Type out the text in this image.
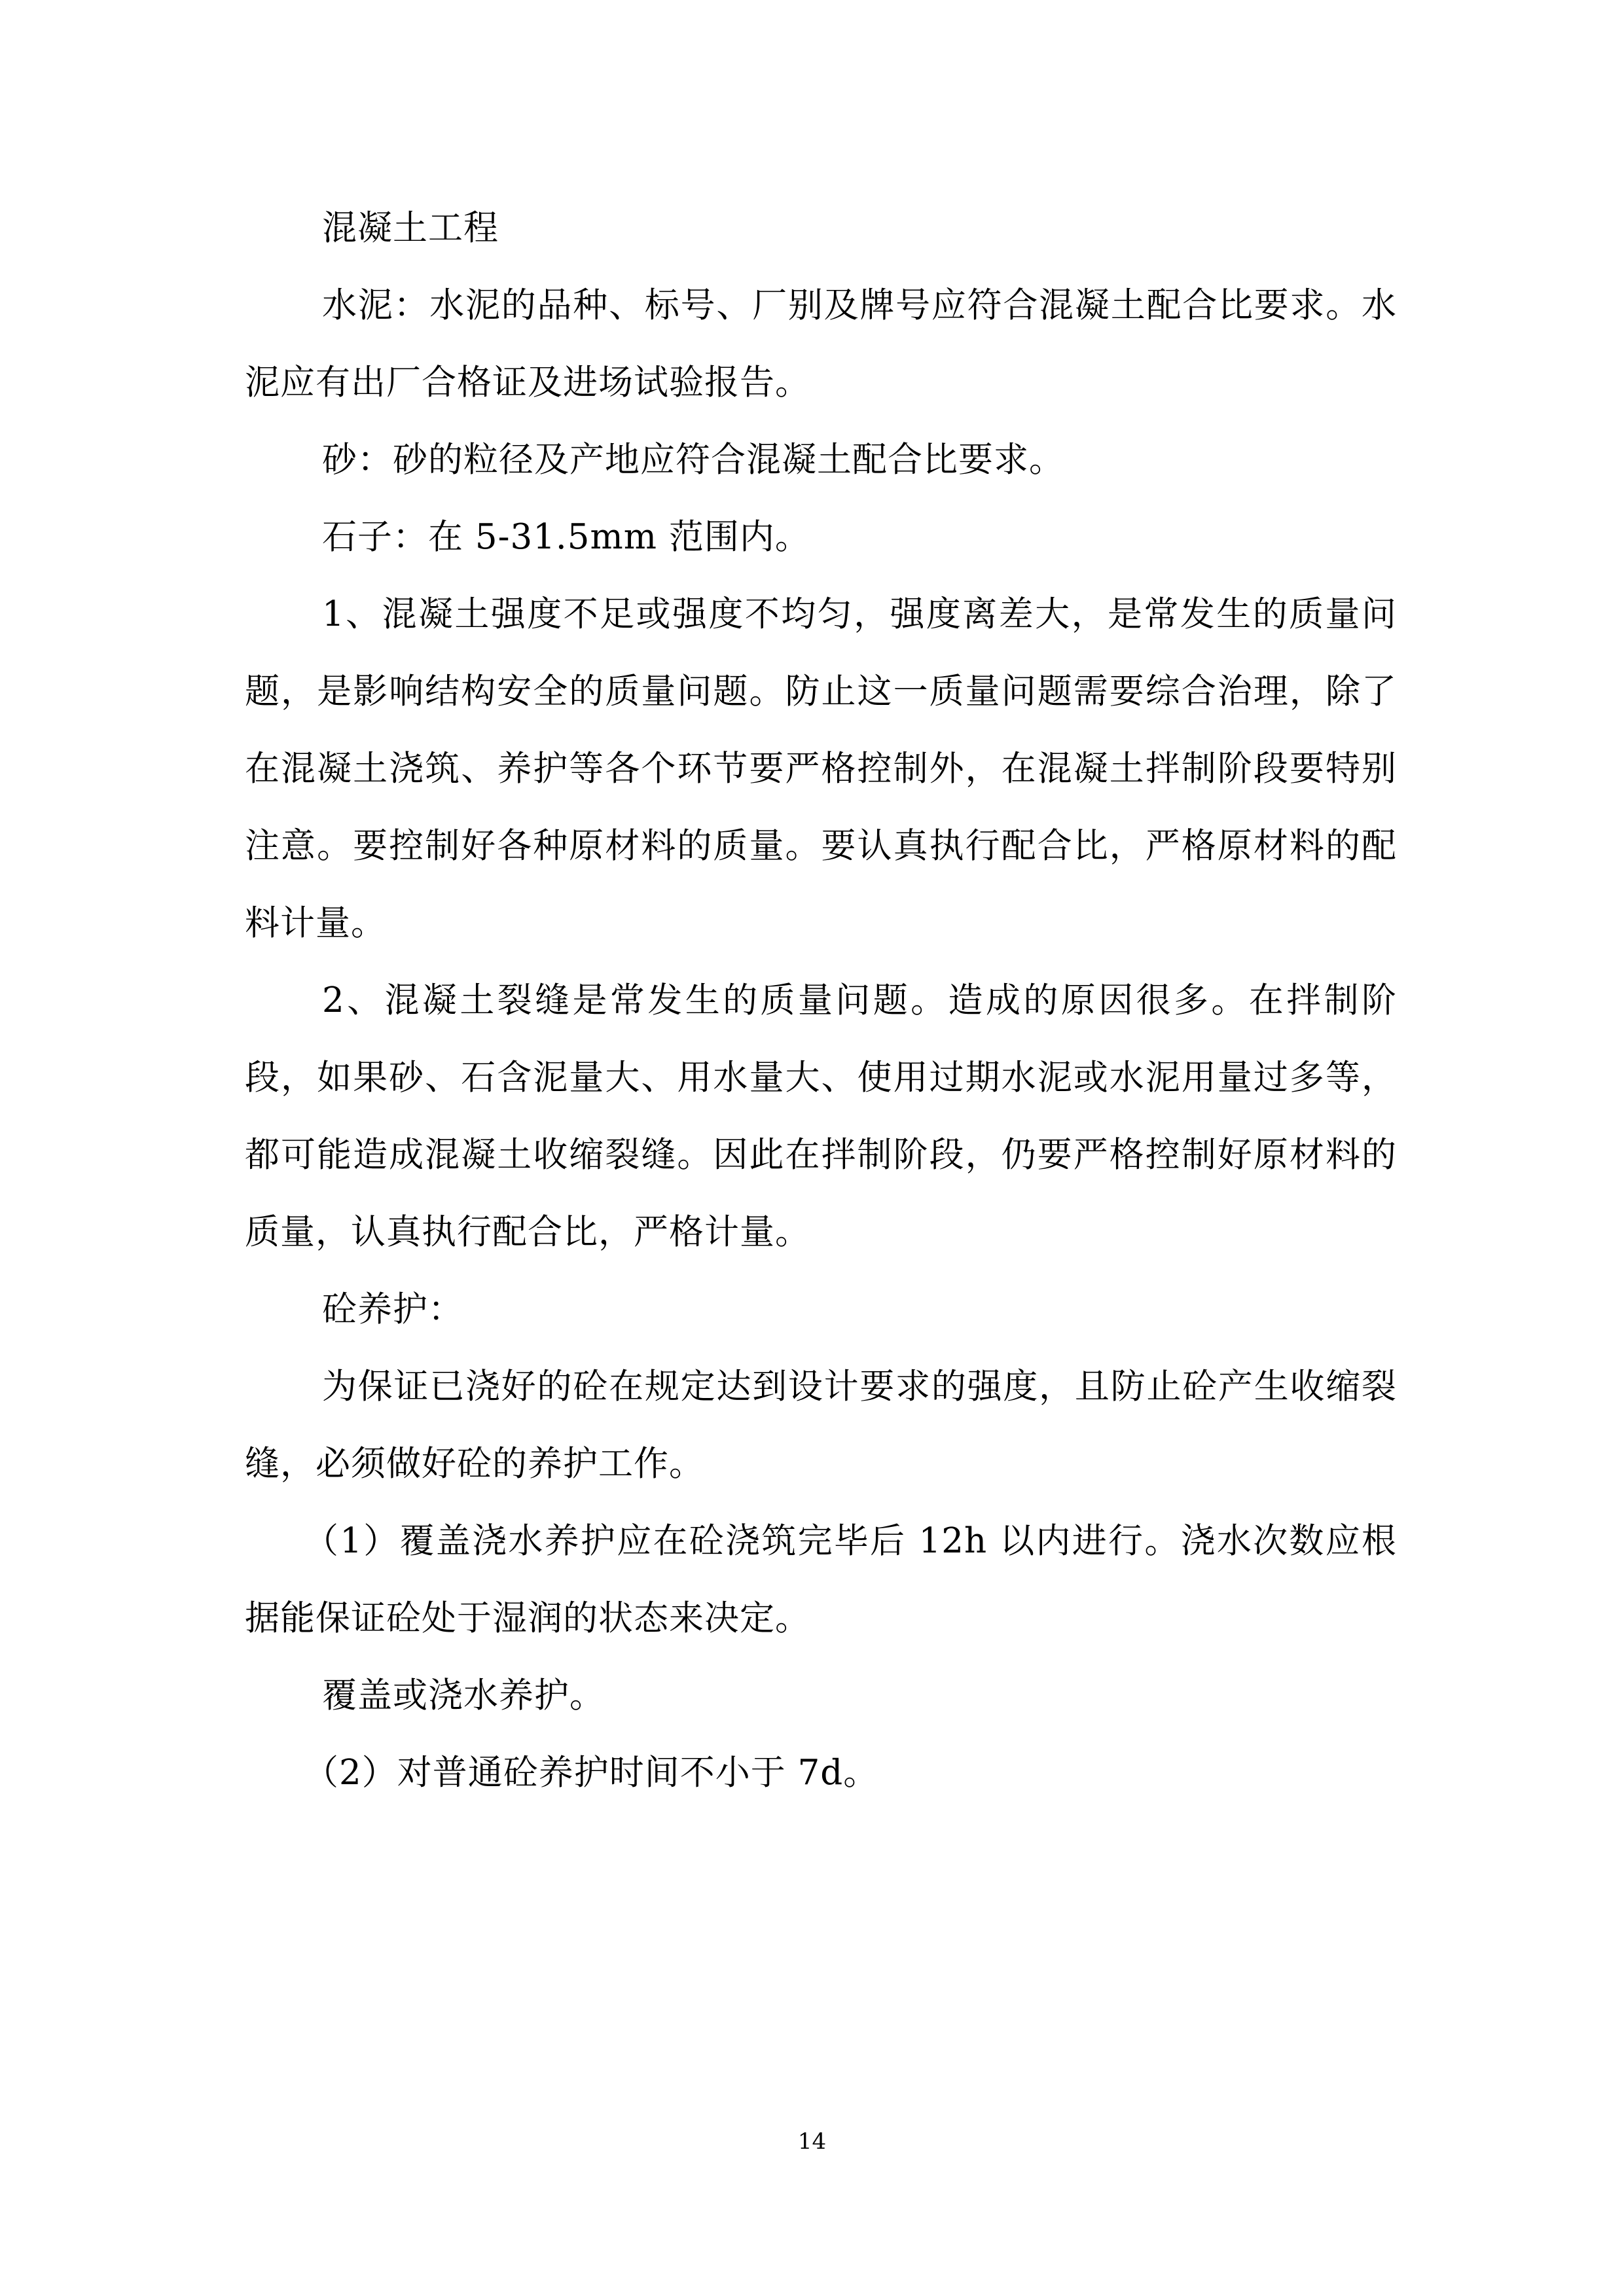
混凝土工程

水泥：水泥的品种、标号、厂别及牌号应符合混凝土配合比要求。水泥应有出厂合格证及进场试验报告。

砂：砂的粒径及产地应符合混凝土配合比要求。

石子：在 5-31.5mm 范围内。

1、混凝土强度不足或强度不均匀，强度离差大，是常发生的质量问题，是影响结构安全的质量问题。防止这一质量问题需要综合治理，除了在混凝土浇筑、养护等各个环节要严格控制外，在混凝土拌制阶段要特别注意。要控制好各种原材料的质量。要认真执行配合比，严格原材料的配料计量。

2、混凝土裂缝是常发生的质量问题。造成的原因很多。在拌制阶段，如果砂、石含泥量大、用水量大、使用过期水泥或水泥用量过多等，都可能造成混凝土收缩裂缝。因此在拌制阶段，仍要严格控制好原材料的质量，认真执行配合比，严格计量。

砼养护：

为保证已浇好的砼在规定达到设计要求的强度，且防止砼产生收缩裂缝，必须做好砼的养护工作。

（1）覆盖浇水养护应在砼浇筑完毕后 12h 以内进行。浇水次数应根据能保证砼处于湿润的状态来决定。

覆盖或浇水养护。

（2）对普通砼养护时间不小于 7d。

14
